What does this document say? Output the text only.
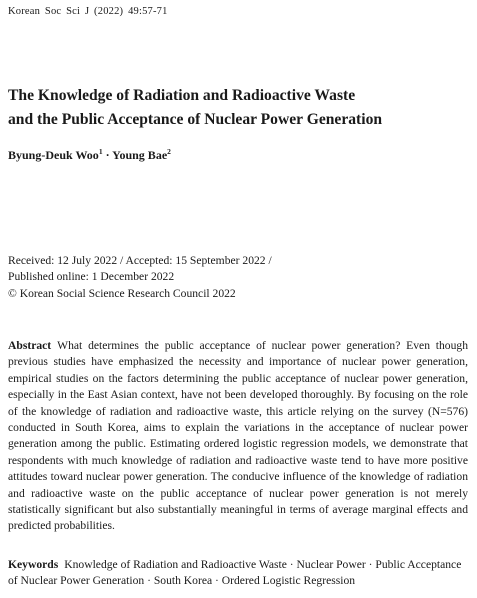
Korean Soc Sci J (2022) 49:57-71
The Knowledge of Radiation and Radioactive Waste
and the Public Acceptance of Nuclear Power Generation
Byung-Deuk Woo$^1$ · Young Bae$^2$
Received: 12 July 2022 / Accepted: 15 September 2022 /
Published online: 1 December 2022
© Korean Social Science Research Council 2022
Abstract What determines the public acceptance of nuclear power generation? Even though previous studies have emphasized the necessity and importance of nuclear power generation, empirical studies on the factors determining the public acceptance of nuclear power generation, especially in the East Asian context, have not been developed thoroughly. By focusing on the role of the knowledge of radiation and radioactive waste, this article relying on the survey (N=576) conducted in South Korea, aims to explain the variations in the acceptance of nuclear power generation among the public. Estimating ordered logistic regression models, we demonstrate that respondents with much knowledge of radiation and radioactive waste tend to have more positive attitudes toward nuclear power generation. The conducive influence of the knowledge of radiation and radioactive waste on the public acceptance of nuclear power generation is not merely statistically significant but also substantially meaningful in terms of average marginal effects and predicted probabilities.
Keywords Knowledge of Radiation and Radioactive Waste · Nuclear Power · Public Acceptance of Nuclear Power Generation · South Korea · Ordered Logistic Regression
